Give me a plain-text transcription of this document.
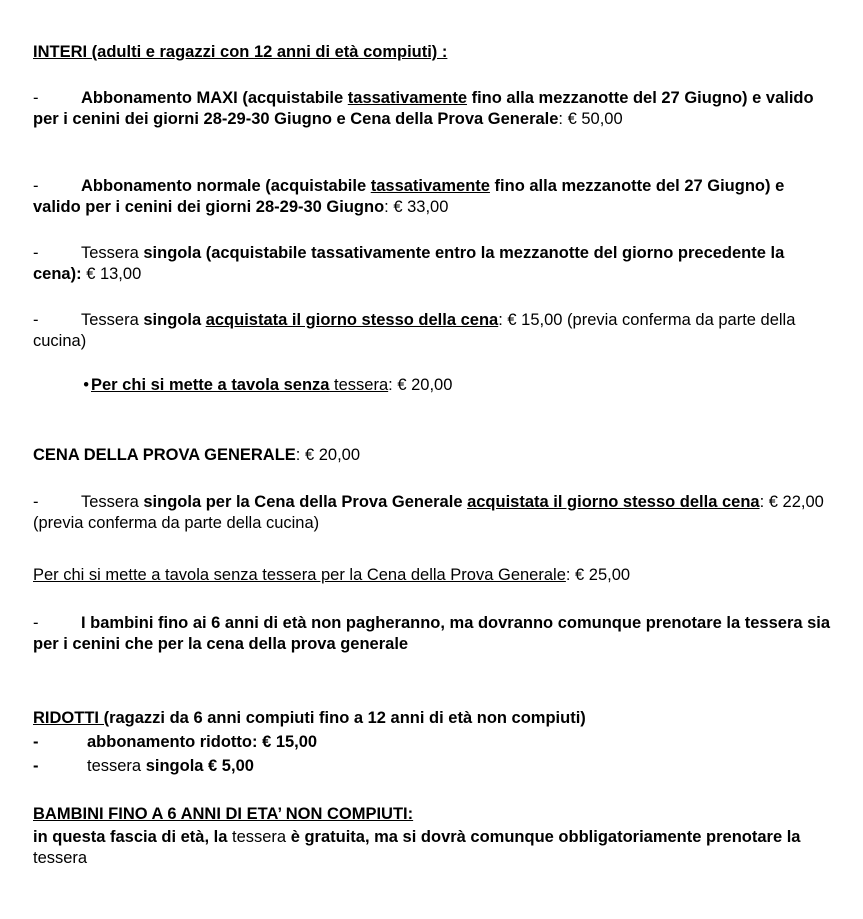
INTERI (adulti e ragazzi con 12 anni di età compiuti) :
-	Abbonamento MAXI (acquistabile tassativamente fino alla mezzanotte del 27 Giugno) e valido per i cenini dei giorni 28-29-30 Giugno e Cena della Prova Generale: € 50,00
-	Abbonamento normale (acquistabile tassativamente fino alla mezzanotte del 27 Giugno) e valido per i cenini dei giorni 28-29-30 Giugno: € 33,00
-	Tessera singola (acquistabile tassativamente entro la mezzanotte del giorno precedente la cena): € 13,00
-	Tessera singola acquistata il giorno stesso della cena: € 15,00 (previa conferma da parte della cucina)
• Per chi si mette a tavola senza tessera: € 20,00
CENA DELLA PROVA GENERALE: € 20,00
-	Tessera singola per la Cena della Prova Generale acquistata il giorno stesso della cena: € 22,00 (previa conferma da parte della cucina)
Per chi si mette a tavola senza tessera per la Cena della Prova Generale: € 25,00
-	I bambini fino ai 6 anni di età non pagheranno, ma dovranno comunque prenotare la tessera sia per i cenini che per la cena della prova generale
RIDOTTI (ragazzi da 6 anni compiuti fino a 12 anni di età non compiuti)
-	abbonamento ridotto: € 15,00
-	tessera singola € 5,00
BAMBINI FINO A 6 ANNI DI ETA’ NON COMPIUTI:
in questa fascia di età, la tessera è gratuita, ma si dovrà comunque obbligatoriamente prenotare la tessera
